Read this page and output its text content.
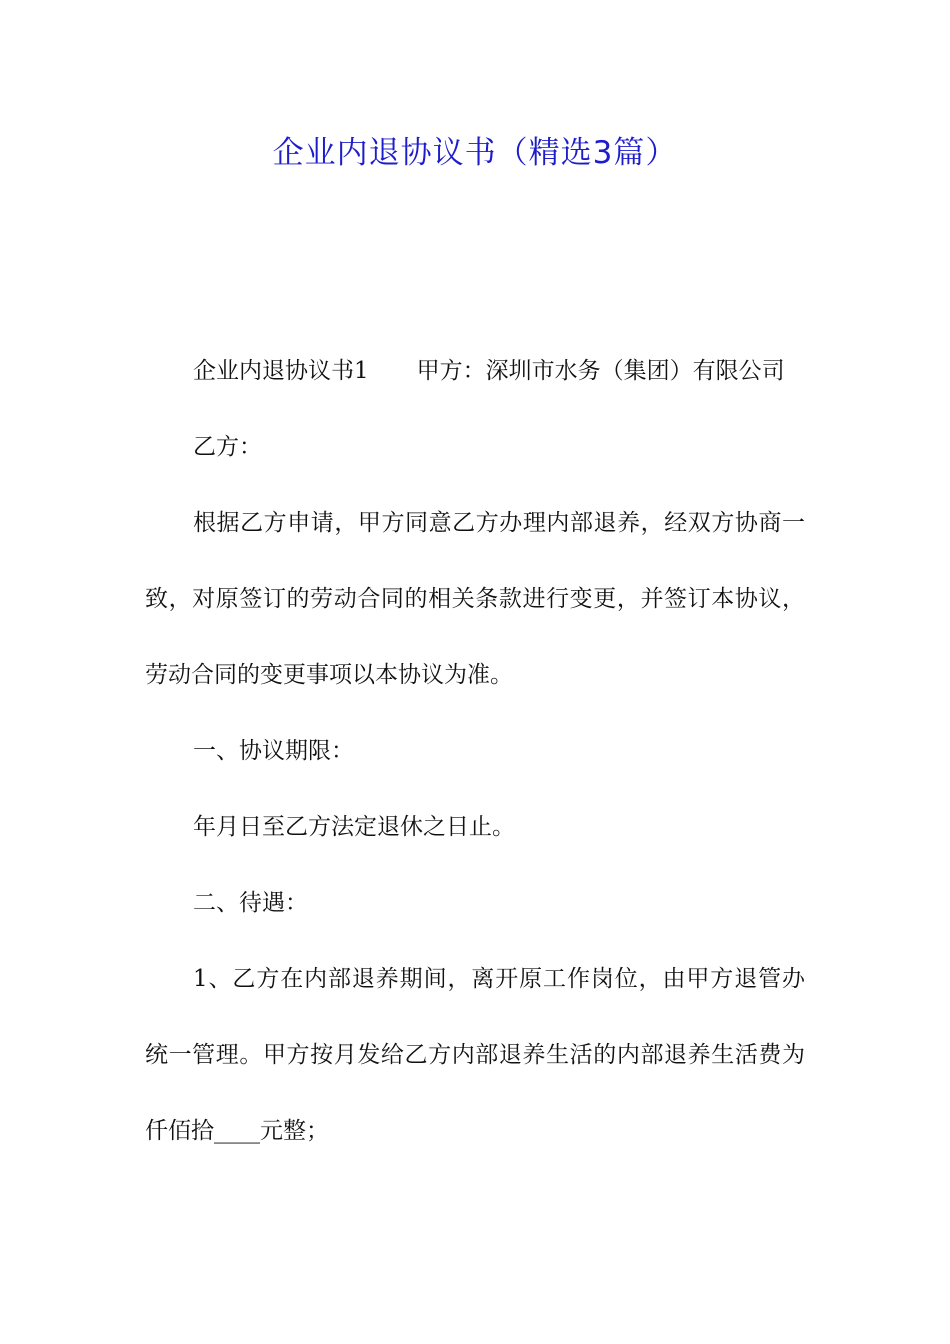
企业内退协议书（精选3篇）

企业内退协议书1 甲方：深圳市水务（集团）有限公司

乙方：

根据乙方申请，甲方同意乙方办理内部退养，经双方协商一致，对原签订的劳动合同的相关条款进行变更，并签订本协议，劳动合同的变更事项以本协议为准。

一、协议期限：

年月日至乙方法定退休之日止。

二、待遇：

1、乙方在内部退养期间，离开原工作岗位，由甲方退管办统一管理。甲方按月发给乙方内部退养生活的内部退养生活费为仟佰拾____元整；
